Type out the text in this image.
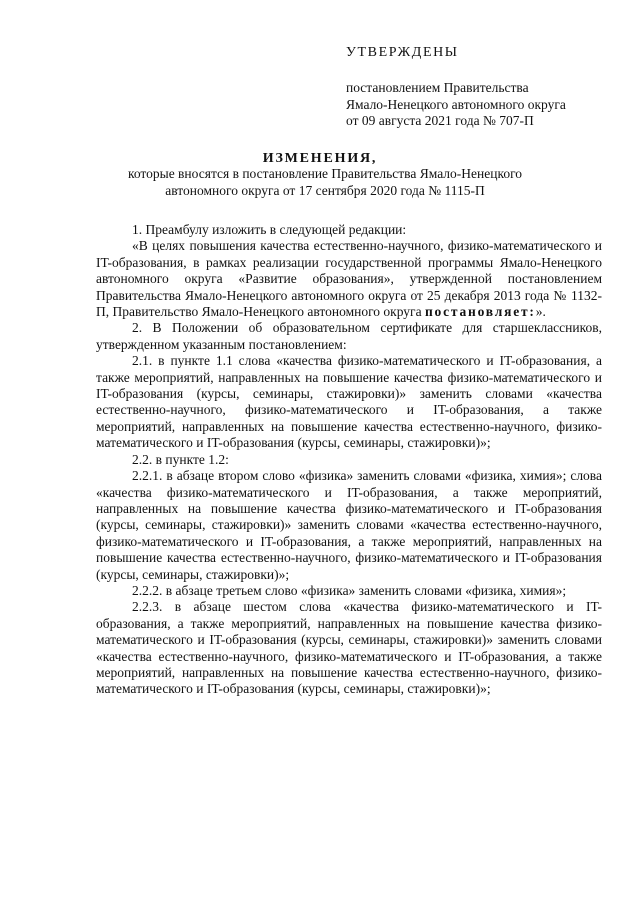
УТВЕРЖДЕНЫ
постановлением Правительства
Ямало-Ненецкого автономного округа
от 09 августа 2021 года № 707-П
ИЗМЕНЕНИЯ,
которые вносятся в постановление Правительства Ямало-Ненецкого
автономного округа от 17 сентября 2020 года № 1115-П

1. Преамбулу изложить в следующей редакции:

«В целях повышения качества естественно-научного, физико-математического и IT-образования, в рамках реализации государственной программы Ямало-Ненецкого автономного округа «Развитие образования», утвержденной постановлением Правительства Ямало-Ненецкого автономного округа от 25 декабря 2013 года № 1132-П, Правительство Ямало-Ненецкого автономного округа постановляет:».

2. В Положении об образовательном сертификате для старшеклассников, утвержденном указанным постановлением:

2.1. в пункте 1.1 слова «качества физико-математического и IT-образования, а также мероприятий, направленных на повышение качества физико-математического и IT-образования (курсы, семинары, стажировки)» заменить словами «качества естественно-научного, физико-математического и IT-образования, а также мероприятий, направленных на повышение качества естественно-научного, физико-математического и IT-образования (курсы, семинары, стажировки)»;

2.2. в пункте 1.2:

2.2.1. в абзаце втором слово «физика» заменить словами «физика, химия»; слова «качества физико-математического и IT-образования, а также мероприятий, направленных на повышение качества физико-математического и IT-образования (курсы, семинары, стажировки)» заменить словами «качества естественно-научного, физико-математического и IT-образования, а также мероприятий, направленных на повышение качества естественно-научного, физико-математического и IT-образования (курсы, семинары, стажировки)»;

2.2.2. в абзаце третьем слово «физика» заменить словами «физика, химия»;

2.2.3. в абзаце шестом слова «качества физико-математического и IT-образования, а также мероприятий, направленных на повышение качества физико-математического и IT-образования (курсы, семинары, стажировки)» заменить словами «качества естественно-научного, физико-математического и IT-образования, а также мероприятий, направленных на повышение качества естественно-научного, физико-математического и IT-образования (курсы, семинары, стажировки)»;
